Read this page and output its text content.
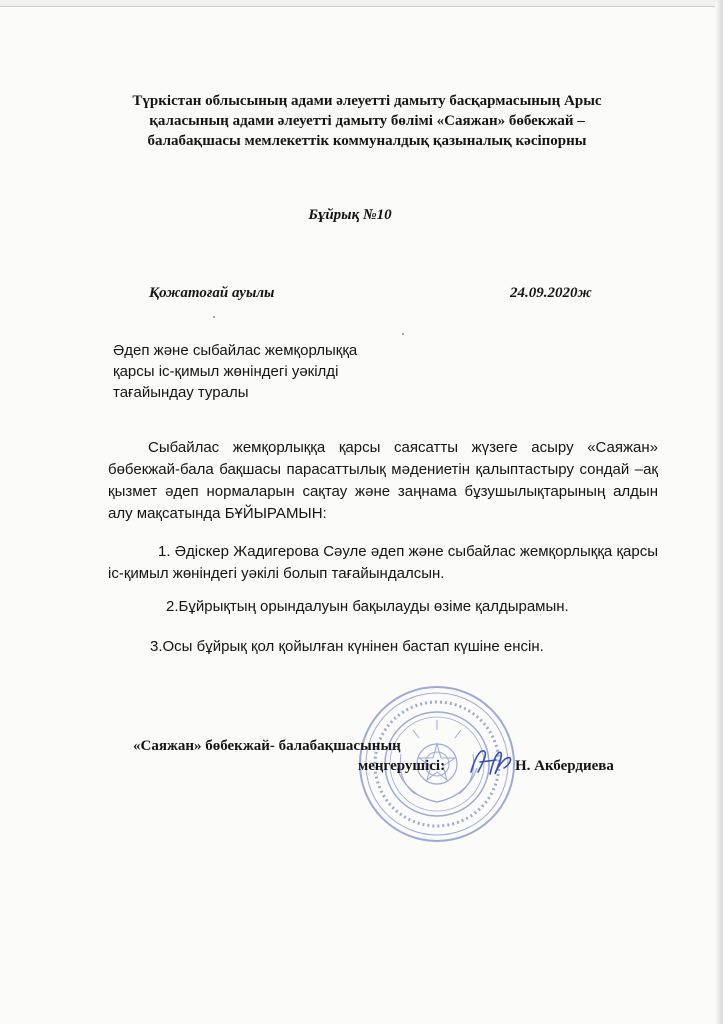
Түркістан облысының адами әлеуетті дамыту басқармасының Арыс
қаласының адами әлеуетті дамыту бөлімі «Саяжан» бөбекжай –
балабақшасы мемлекеттік коммуналдық қазыналық кәсіпорны
Бұйрық №10
Қожатоғай ауылы	24.09.2020ж
Әдеп және сыбайлас жемқорлыққа
қарсы іс-қимыл жөніндегі уәкілді
тағайындау туралы
Сыбайлас жемқорлыққа қарсы саясатты жүзеге асыру «Саяжан» бөбекжай-бала бақшасы парасаттылық мәдениетін қалыптастыру сондай –ақ қызмет әдеп нормаларын сақтау және заңнама бұзушылықтарының алдын алу мақсатында БҰЙЫРАМЫН:
1. Әдіскер Жадигерова Сәуле әдеп және сыбайлас жемқорлыққа қарсы іс-қимыл жөніндегі уәкілі болып тағайындалсын.
2.Бұйрықтың орындалуын бақылауды өзіме қалдырамын.
3.Осы бұйрық қол қойылған күнінен бастап күшіне енсін.
«Саяжан» бөбекжай- балабақшасының
меңгерушісі:	Н. Акбердиева
